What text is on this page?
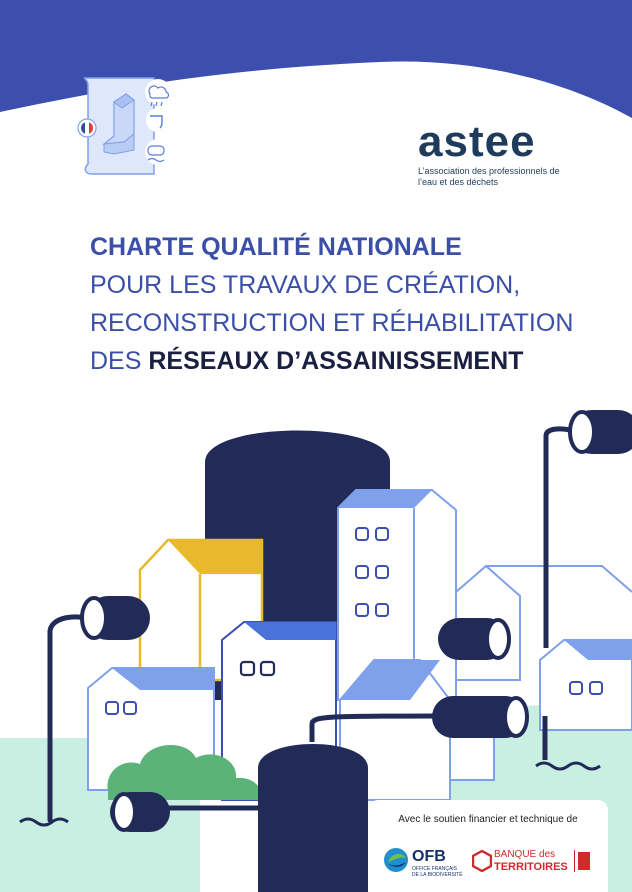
astee
L’association des professionnels de l’eau et des déchets
CHARTE QUALITÉ NATIONALE
POUR LES TRAVAUX DE CRÉATION,
RECONSTRUCTION ET RÉHABILITATION
DES RÉSEAUX D’ASSAINISSEMENT
Avec le soutien financier et technique de
OFB
OFFICE FRANÇAIS DE LA BIODIVERSITÉ
BANQUE des
TERRITOIRES
